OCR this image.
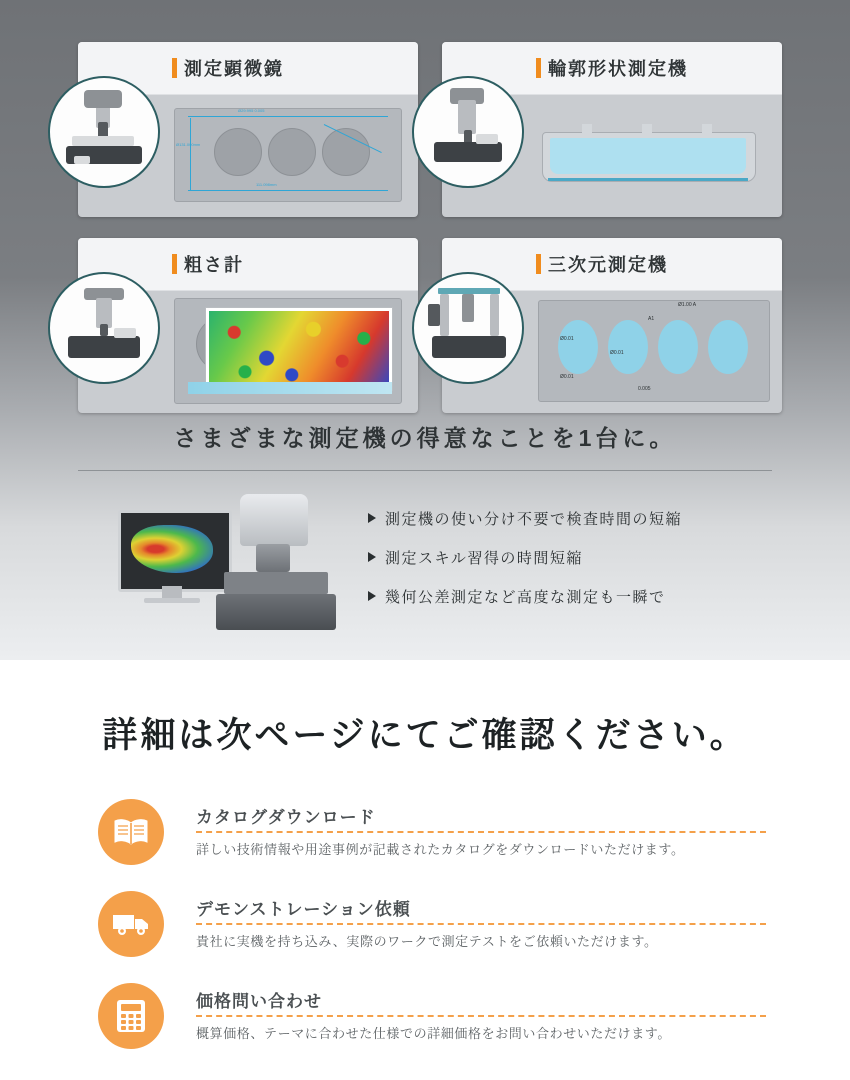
Ø29.995 0.005
Ø131.000mm
111.098mm
測定顕微鏡	輪郭形状測定機
粗さ計
Ø1.00 A
A1
Ø0.01
Ø0.01
Ø0.01
0.005
三次元測定機
さまざまな測定機の得意なことを1台に。
測定機の使い分け不要で検査時間の短縮
測定スキル習得の時間短縮
幾何公差測定など高度な測定も一瞬で
詳細は次ページにてご確認ください。
カタログダウンロード
詳しい技術情報や用途事例が記載されたカタログをダウンロードいただけます。
デモンストレーション依頼
貴社に実機を持ち込み、実際のワークで測定テストをご依頼いただけます。
価格問い合わせ
概算価格、テーマに合わせた仕様での詳細価格をお問い合わせいただけます。
